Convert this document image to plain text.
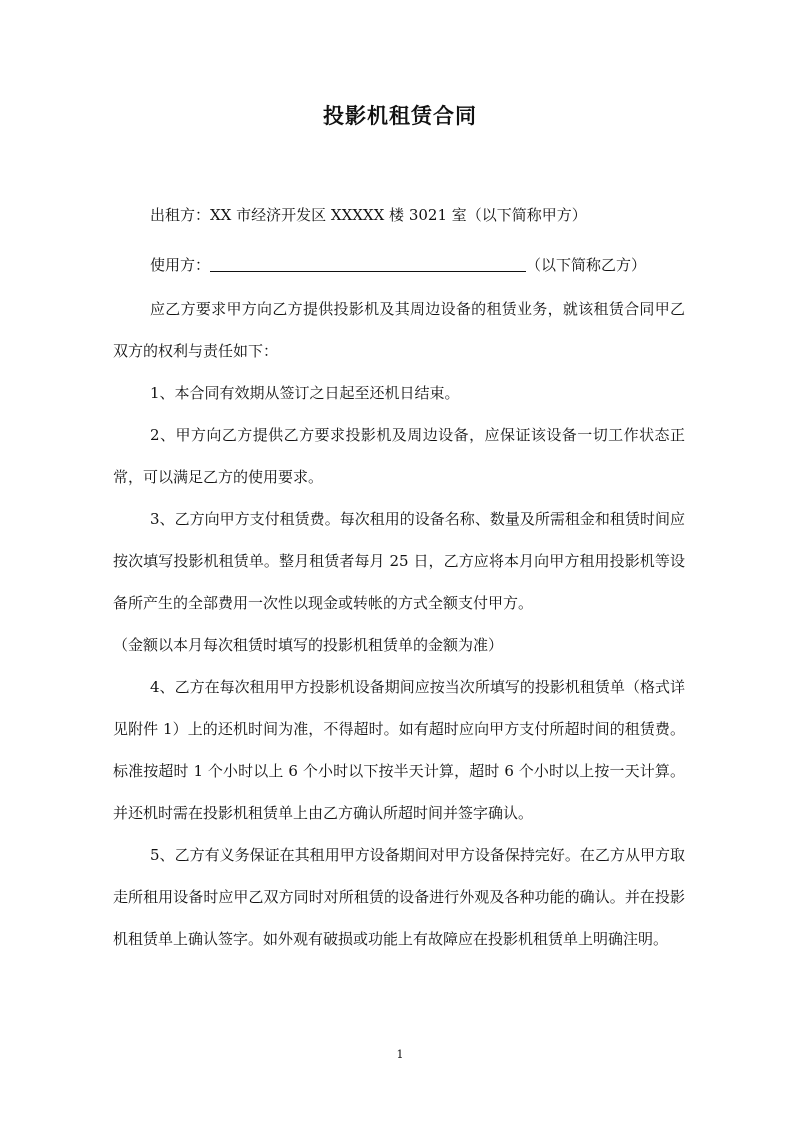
投影机租赁合同

出租方：XX 市经济开发区 XXXXX 楼 3021 室（以下简称甲方）

使用方：	（以下简称乙方）

应乙方要求甲方向乙方提供投影机及其周边设备的租赁业务，就该租赁合同甲乙双方的权利与责任如下：

1、本合同有效期从签订之日起至还机日结束。

2、甲方向乙方提供乙方要求投影机及周边设备，应保证该设备一切工作状态正常，可以满足乙方的使用要求。

3、乙方向甲方支付租赁费。每次租用的设备名称、数量及所需租金和租赁时间应按次填写投影机租赁单。整月租赁者每月 25 日，乙方应将本月向甲方租用投影机等设备所产生的全部费用一次性以现金或转帐的方式全额支付甲方。

（金额以本月每次租赁时填写的投影机租赁单的金额为准）

4、乙方在每次租用甲方投影机设备期间应按当次所填写的投影机租赁单（格式详见附件 1）上的还机时间为准，不得超时。如有超时应向甲方支付所超时间的租赁费。标准按超时 1 个小时以上 6 个小时以下按半天计算，超时 6 个小时以上按一天计算。并还机时需在投影机租赁单上由乙方确认所超时间并签字确认。

5、乙方有义务保证在其租用甲方设备期间对甲方设备保持完好。在乙方从甲方取走所租用设备时应甲乙双方同时对所租赁的设备进行外观及各种功能的确认。并在投影机租赁单上确认签字。如外观有破损或功能上有故障应在投影机租赁单上明确注明。

1
